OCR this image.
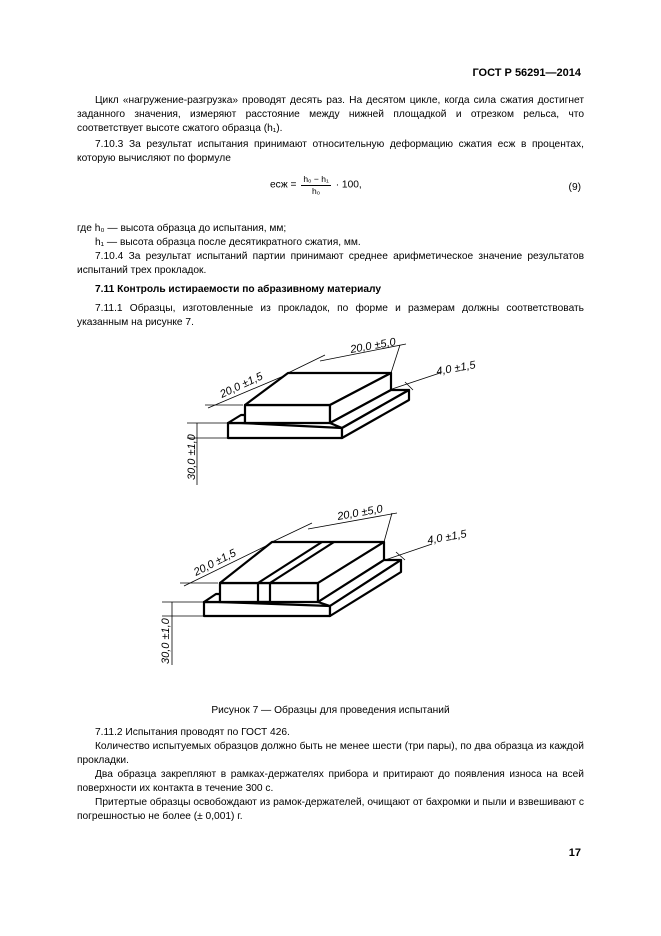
ГОСТ Р 56291—2014

Цикл «нагружение-разгрузка» проводят десять раз. На десятом цикле, когда сила сжатия достигнет заданного значения, измеряют расстояние между нижней площадкой и отрезком рельса, что соответствует высоте сжатого образца (h₁).

7.10.3 За результат испытания принимают относительную деформацию сжатия eсж в процентах, которую вычисляют по формуле

eсж = $\frac{\text{h₀ − h₁}}{\text{h₀}} \cdot 100$,	(9)

где h₀ — высота образца до испытания, мм;

h₁ — высота образца после десятикратного сжатия, мм.

7.10.4 За результат испытаний партии принимают среднее арифметическое значение результатов испытаний трех прокладок.

7.11 Контроль истираемости по абразивному материалу

7.11.1 Образцы, изготовленные из прокладок, по форме и размерам должны соответствовать указанным на рисунке 7.

20,0 ±5,0
20,0 ±1,5
4,0 ±1,5
30,0 ±1,0
20,0 ±5,0
20,0 ±1,5
4,0 ±1,5
30,0 ±1,0
Рисунок 7 — Образцы для проведения испытаний

7.11.2 Испытания проводят по ГОСТ 426.

Количество испытуемых образцов должно быть не менее шести (три пары), по два образца из каждой прокладки.

Два образца закрепляют в рамках-держателях прибора и притирают до появления износа на всей поверхности их контакта в течение 300 с.

Притертые образцы освобождают из рамок-держателей, очищают от бахромки и пыли и взвешивают с погрешностью не более (± 0,001) г.

17
